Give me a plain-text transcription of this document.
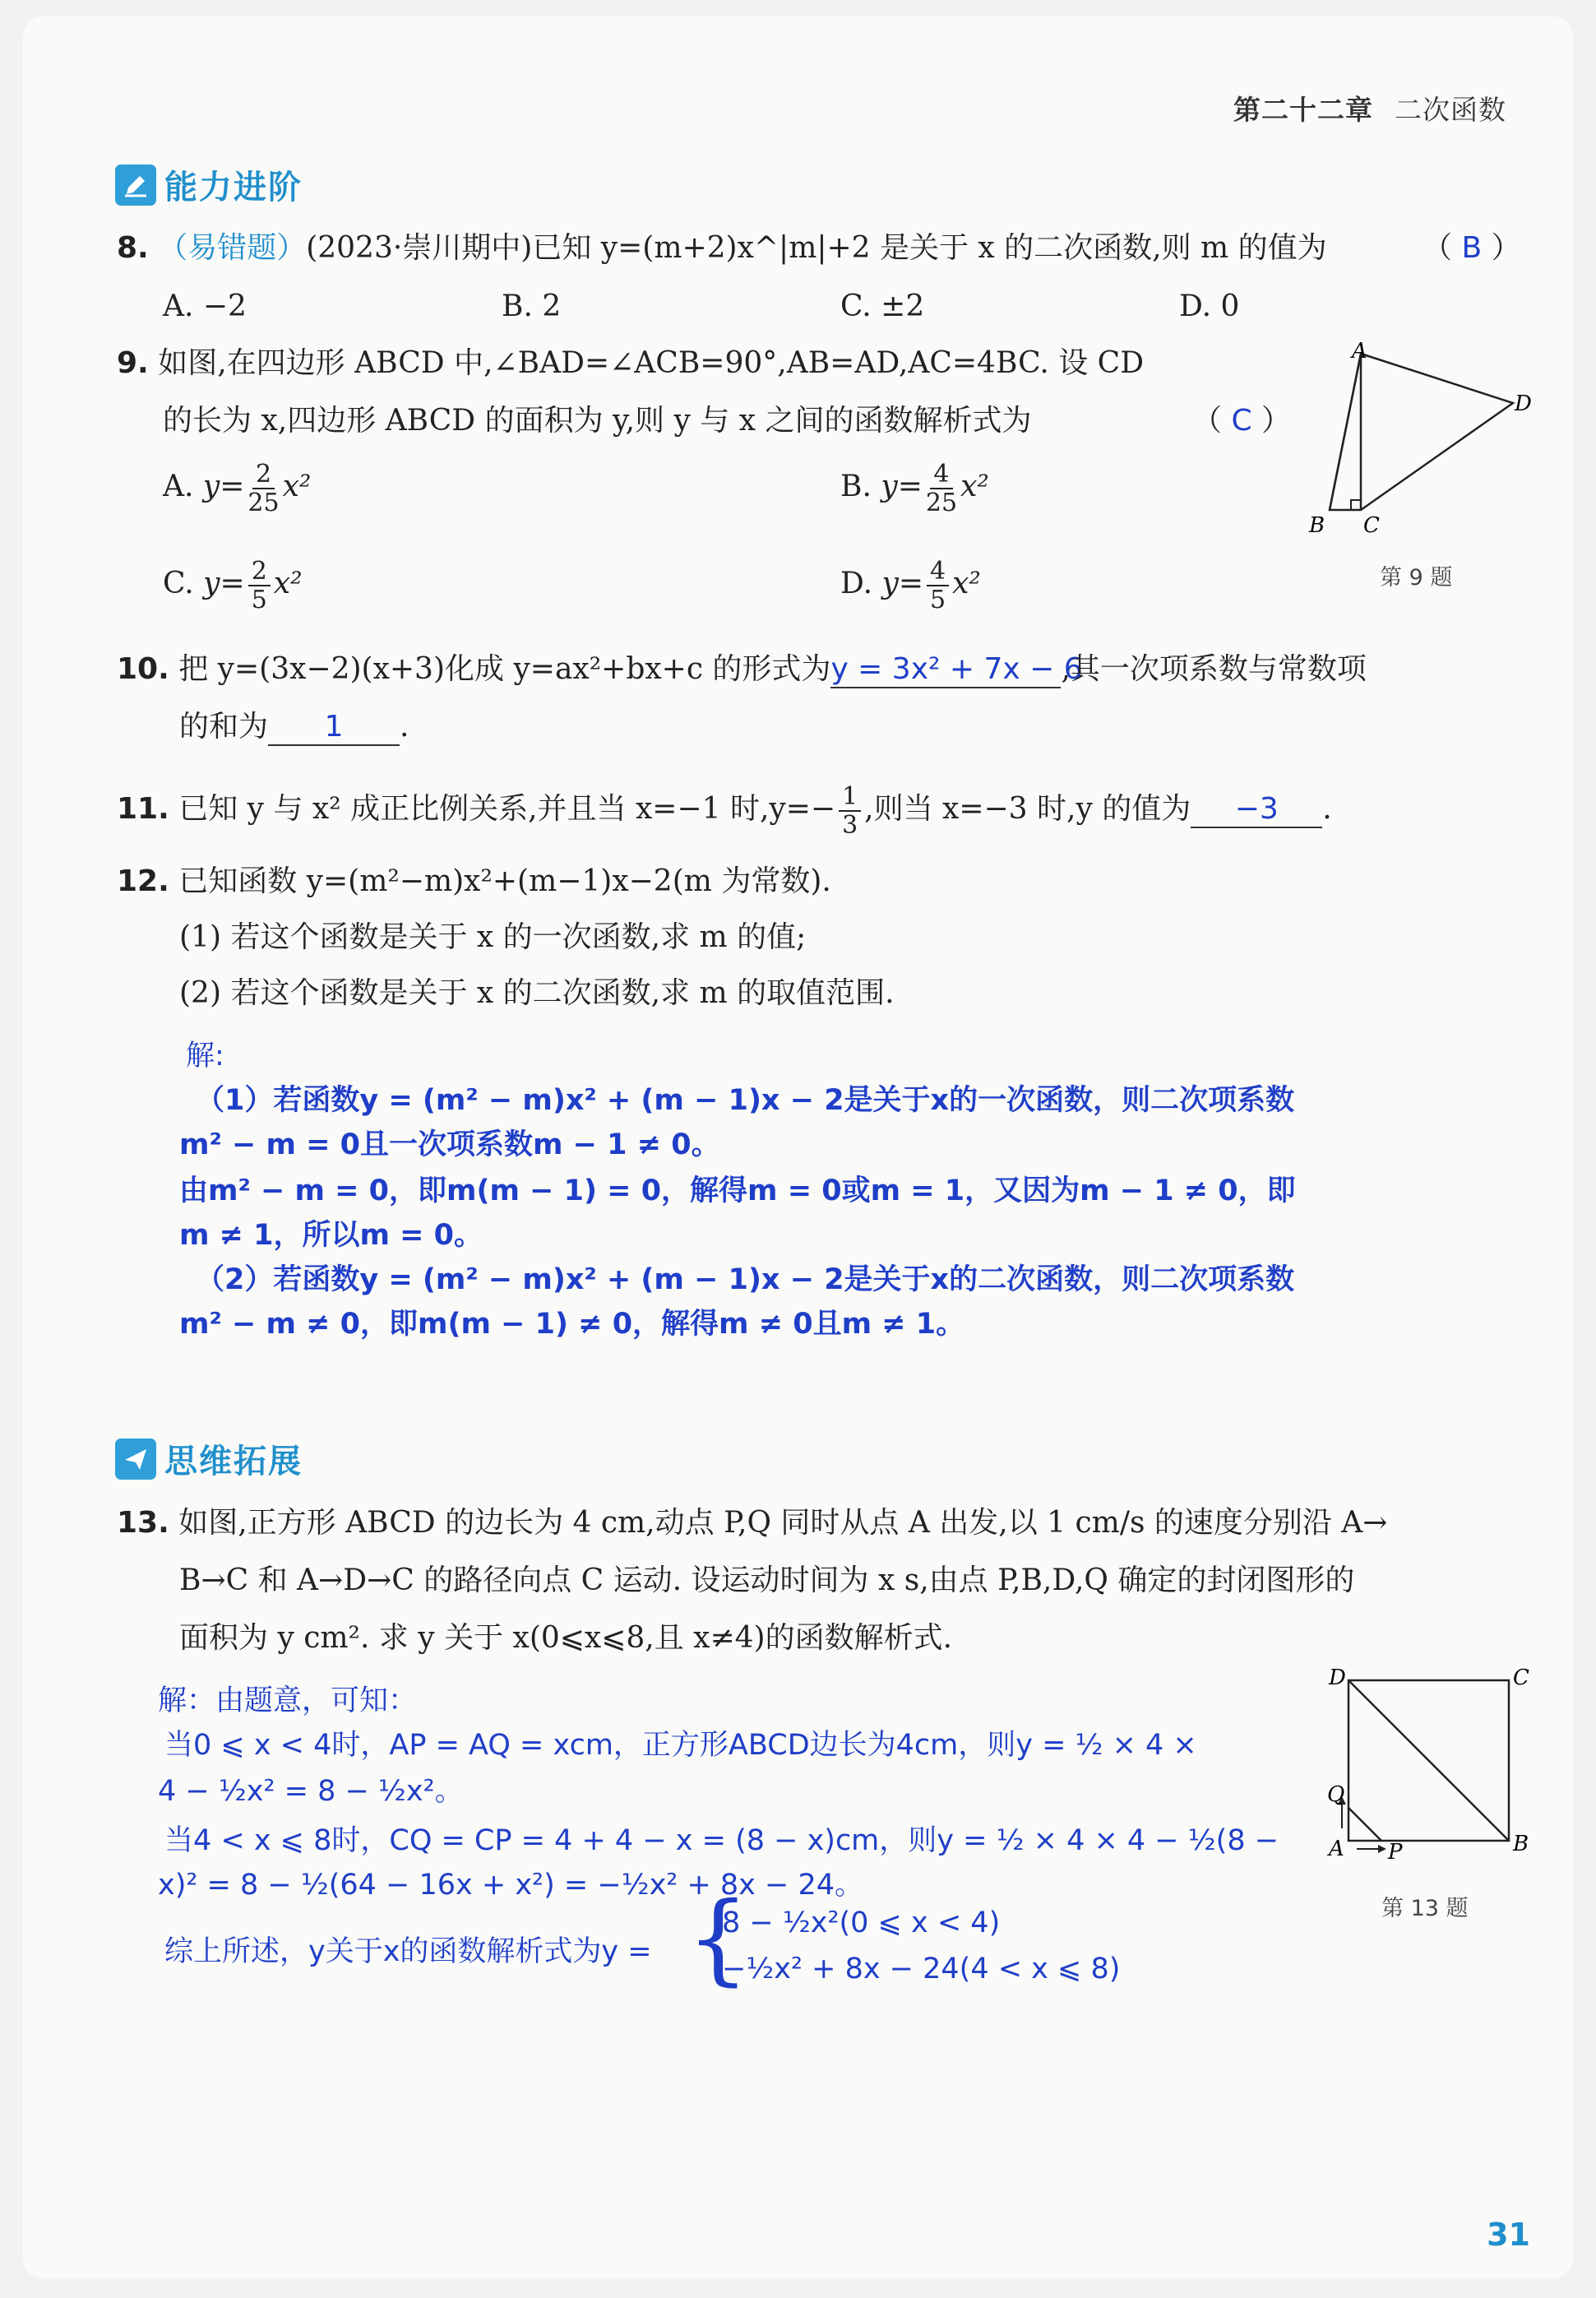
第二十二章 二次函数
能力进阶
8. （易错题）(2023·崇川期中)已知 y=(m+2)x^|m|+2 是关于 x 的二次函数,则 m 的值为	（ B ）
A. −2	B. 2	C. ±2	D. 0
9. 如图,在四边形 ABCD 中,∠BAD=∠ACB=90°,AB=AD,AC=4BC. 设 CD
的长为 x,四边形 ABCD 的面积为 y,则 y 与 x 之间的函数解析式为	（ C ）
A. $y= \frac{2}{25} x^2$	B. $y= \frac{4}{25} x^2$
C. $y= \frac{2}{5} x^2$	D. $y= \frac{4}{5} x^2$
A
D
B C
第 9 题
10. 把 y=(3x−2)(x+3)化成 y=ax²+bx+c 的形式为y = 3x² + 7x − 6,其一次项系数与常数项
的和为 1 .
11. 已知 y 与 x² 成正比例关系,并且当 x=−1 时$,y=- \frac{1}{3}$ ,则当 x=−3 时,y 的值为 −3 .
12. 已知函数 y=(m²−m)x²+(m−1)x−2(m 为常数).
(1) 若这个函数是关于 x 的一次函数,求 m 的值;
(2) 若这个函数是关于 x 的二次函数,求 m 的取值范围.
解:
（1）若函数y = (m² − m)x² + (m − 1)x − 2是关于x的一次函数，则二次项系数
m² − m = 0且一次项系数m − 1 ≠ 0。
由m² − m = 0，即m(m − 1) = 0，解得m = 0或m = 1，又因为m − 1 ≠ 0，即
m ≠ 1，所以m = 0。
（2）若函数y = (m² − m)x² + (m − 1)x − 2是关于x的二次函数，则二次项系数
m² − m ≠ 0，即m(m − 1) ≠ 0，解得m ≠ 0且m ≠ 1。
思维拓展
13. 如图,正方形 ABCD 的边长为 4 cm,动点 P,Q 同时从点 A 出发,以 1 cm/s 的速度分别沿 A→
B→C 和 A→D→C 的路径向点 C 运动. 设运动时间为 x s,由点 P,B,D,Q 确定的封闭图形的
面积为 y cm². 求 y 关于 x(0⩽x⩽8,且 x≠4)的函数解析式.
解：由题意，可知：
当0 ⩽ x < 4时，AP = AQ = xcm，正方形ABCD边长为4cm，则y = ½ × 4 ×
4 − ½x² = 8 − ½x²。
当4 < x ⩽ 8时，CQ = CP = 4 + 4 − x = (8 − x)cm，则y = ½ × 4 × 4 − ½(8 −
x)² = 8 − ½(64 − 16x + x²) = −½x² + 8x − 24。
综上所述，y关于x的函数解析式为y = {
8 − ½x²(0 ⩽ x < 4)
−½x² + 8x − 24(4 < x ⩽ 8)
D	C
Q
A P	B
第 13 题
31
